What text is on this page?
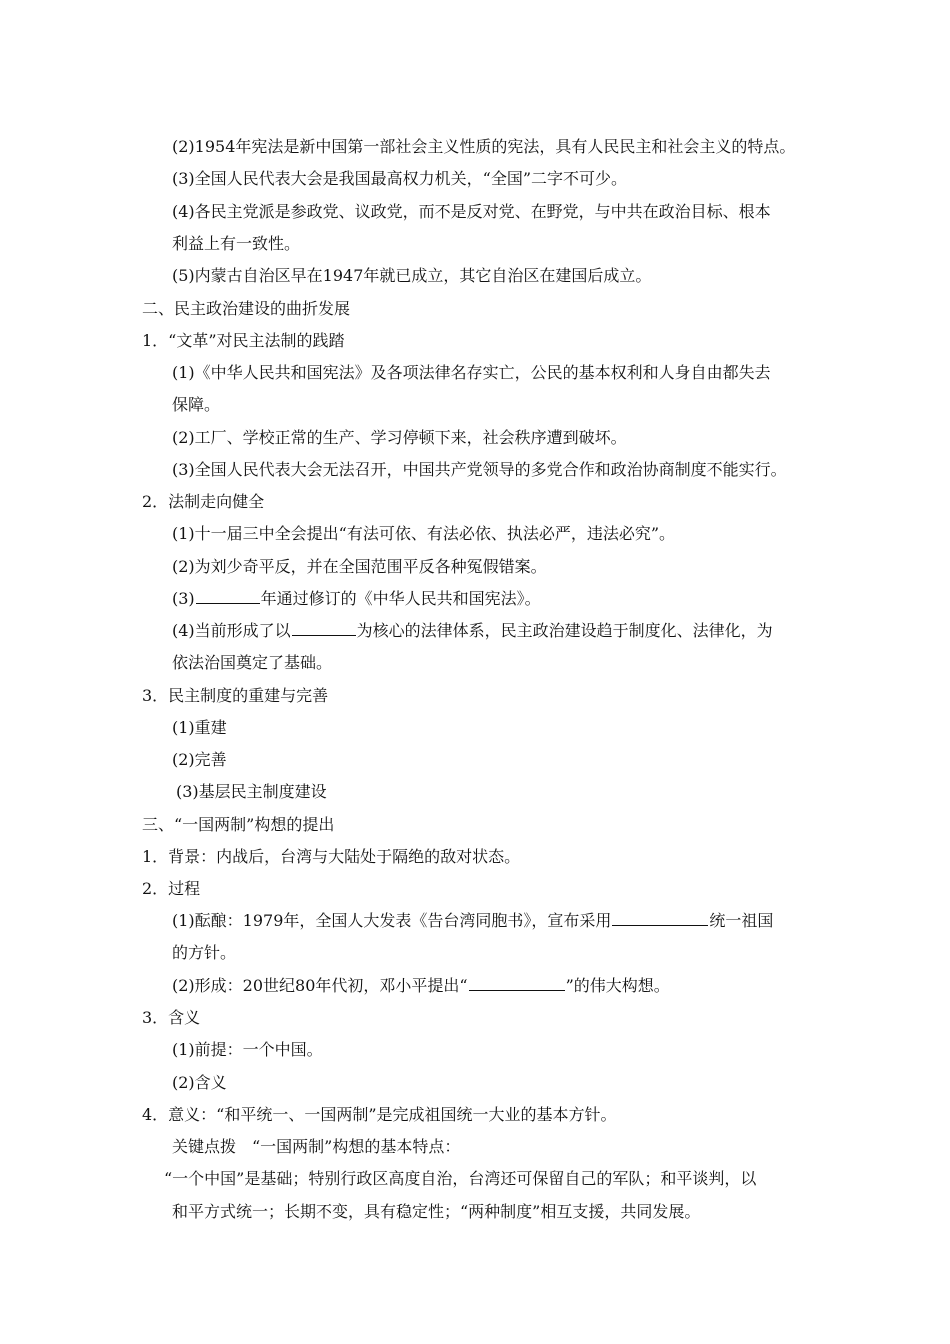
(2)1954年宪法是新中国第一部社会主义性质的宪法，具有人民民主和社会主义的特点。
(3)全国人民代表大会是我国最高权力机关，“全国”二字不可少。
(4)各民主党派是参政党、议政党，而不是反对党、在野党，与中共在政治目标、根本
利益上有一致性。
(5)内蒙古自治区早在1947年就已成立，其它自治区在建国后成立。
二、民主政治建设的曲折发展
1．“文革”对民主法制的践踏
(1)《中华人民共和国宪法》及各项法律名存实亡，公民的基本权利和人身自由都失去
保障。
(2)工厂、学校正常的生产、学习停顿下来，社会秩序遭到破坏。
(3)全国人民代表大会无法召开，中国共产党领导的多党合作和政治协商制度不能实行。
2．法制走向健全
(1)十一届三中全会提出“有法可依、有法必依、执法必严，违法必究”。
(2)为刘少奇平反，并在全国范围平反各种冤假错案。
(3)	年通过修订的《中华人民共和国宪法》。
(4)当前形成了以	为核心的法律体系，民主政治建设趋于制度化、法律化，为
依法治国奠定了基础。
3．民主制度的重建与完善
(1)重建
(2)完善
(3)基层民主制度建设
三、“一国两制”构想的提出
1．背景：内战后，台湾与大陆处于隔绝的敌对状态。
2．过程
(1)酝酿：1979年，全国人大发表《告台湾同胞书》，宣布采用	统一祖国
的方针。
(2)形成：20世纪80年代初，邓小平提出“	”的伟大构想。
3．含义
(1)前提：一个中国。
(2)含义
4．意义：“和平统一、一国两制”是完成祖国统一大业的基本方针。
关键点拨　“一国两制”构想的基本特点：
“一个中国”是基础；特别行政区高度自治，台湾还可保留自己的军队；和平谈判，以
和平方式统一；长期不变，具有稳定性；“两种制度”相互支援，共同发展。
